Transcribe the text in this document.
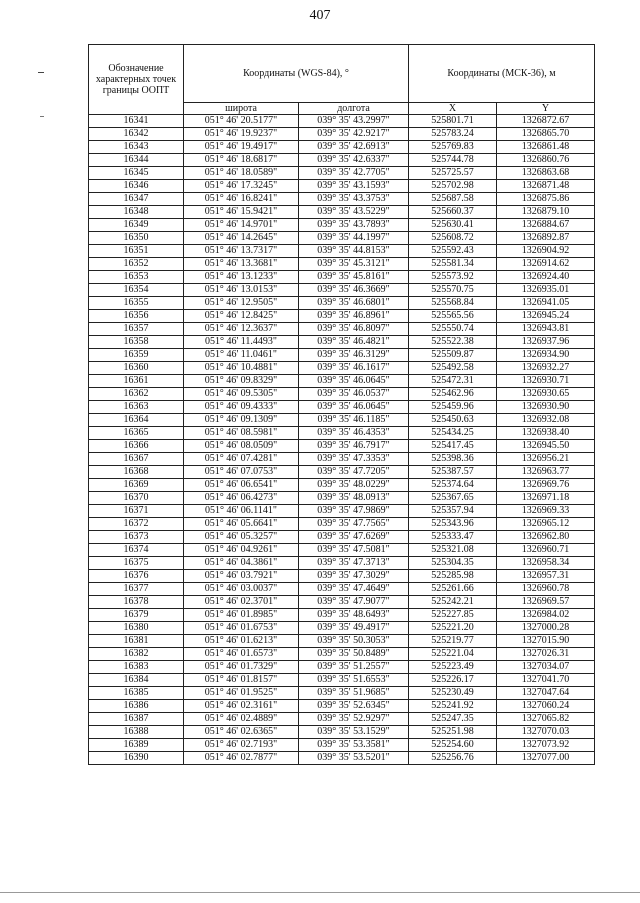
407
Обозначение характерных точек границы ООПТ	Координаты (WGS-84), °		Координаты (МСК-36), м	
	широта	долгота	X	Y
16341	051° 46' 20.5177"	039° 35' 43.2997"	525801.71	1326872.67
16342	051° 46' 19.9237"	039° 35' 42.9217"	525783.24	1326865.70
16343	051° 46' 19.4917"	039° 35' 42.6913"	525769.83	1326861.48
16344	051° 46' 18.6817"	039° 35' 42.6337"	525744.78	1326860.76
16345	051° 46' 18.0589"	039° 35' 42.7705"	525725.57	1326863.68
16346	051° 46' 17.3245"	039° 35' 43.1593"	525702.98	1326871.48
16347	051° 46' 16.8241"	039° 35' 43.3753"	525687.58	1326875.86
16348	051° 46' 15.9421"	039° 35' 43.5229"	525660.37	1326879.10
16349	051° 46' 14.9701"	039° 35' 43.7893"	525630.41	1326884.67
16350	051° 46' 14.2645"	039° 35' 44.1997"	525608.72	1326892.87
16351	051° 46' 13.7317"	039° 35' 44.8153"	525592.43	1326904.92
16352	051° 46' 13.3681"	039° 35' 45.3121"	525581.34	1326914.62
16353	051° 46' 13.1233"	039° 35' 45.8161"	525573.92	1326924.40
16354	051° 46' 13.0153"	039° 35' 46.3669"	525570.75	1326935.01
16355	051° 46' 12.9505"	039° 35' 46.6801"	525568.84	1326941.05
16356	051° 46' 12.8425"	039° 35' 46.8961"	525565.56	1326945.24
16357	051° 46' 12.3637"	039° 35' 46.8097"	525550.74	1326943.81
16358	051° 46' 11.4493"	039° 35' 46.4821"	525522.38	1326937.96
16359	051° 46' 11.0461"	039° 35' 46.3129"	525509.87	1326934.90
16360	051° 46' 10.4881"	039° 35' 46.1617"	525492.58	1326932.27
16361	051° 46' 09.8329"	039° 35' 46.0645"	525472.31	1326930.71
16362	051° 46' 09.5305"	039° 35' 46.0537"	525462.96	1326930.65
16363	051° 46' 09.4333"	039° 35' 46.0645"	525459.96	1326930.90
16364	051° 46' 09.1309"	039° 35' 46.1185"	525450.63	1326932.08
16365	051° 46' 08.5981"	039° 35' 46.4353"	525434.25	1326938.40
16366	051° 46' 08.0509"	039° 35' 46.7917"	525417.45	1326945.50
16367	051° 46' 07.4281"	039° 35' 47.3353"	525398.36	1326956.21
16368	051° 46' 07.0753"	039° 35' 47.7205"	525387.57	1326963.77
16369	051° 46' 06.6541"	039° 35' 48.0229"	525374.64	1326969.76
16370	051° 46' 06.4273"	039° 35' 48.0913"	525367.65	1326971.18
16371	051° 46' 06.1141"	039° 35' 47.9869"	525357.94	1326969.33
16372	051° 46' 05.6641"	039° 35' 47.7565"	525343.96	1326965.12
16373	051° 46' 05.3257"	039° 35' 47.6269"	525333.47	1326962.80
16374	051° 46' 04.9261"	039° 35' 47.5081"	525321.08	1326960.71
16375	051° 46' 04.3861"	039° 35' 47.3713"	525304.35	1326958.34
16376	051° 46' 03.7921"	039° 35' 47.3029"	525285.98	1326957.31
16377	051° 46' 03.0037"	039° 35' 47.4649"	525261.66	1326960.78
16378	051° 46' 02.3701"	039° 35' 47.9077"	525242.21	1326969.57
16379	051° 46' 01.8985"	039° 35' 48.6493"	525227.85	1326984.02
16380	051° 46' 01.6753"	039° 35' 49.4917"	525221.20	1327000.28
16381	051° 46' 01.6213"	039° 35' 50.3053"	525219.77	1327015.90
16382	051° 46' 01.6573"	039° 35' 50.8489"	525221.04	1327026.31
16383	051° 46' 01.7329"	039° 35' 51.2557"	525223.49	1327034.07
16384	051° 46' 01.8157"	039° 35' 51.6553"	525226.17	1327041.70
16385	051° 46' 01.9525"	039° 35' 51.9685"	525230.49	1327047.64
16386	051° 46' 02.3161"	039° 35' 52.6345"	525241.92	1327060.24
16387	051° 46' 02.4889"	039° 35' 52.9297"	525247.35	1327065.82
16388	051° 46' 02.6365"	039° 35' 53.1529"	525251.98	1327070.03
16389	051° 46' 02.7193"	039° 35' 53.3581"	525254.60	1327073.92
16390	051° 46' 02.7877"	039° 35' 53.5201"	525256.76	1327077.00
